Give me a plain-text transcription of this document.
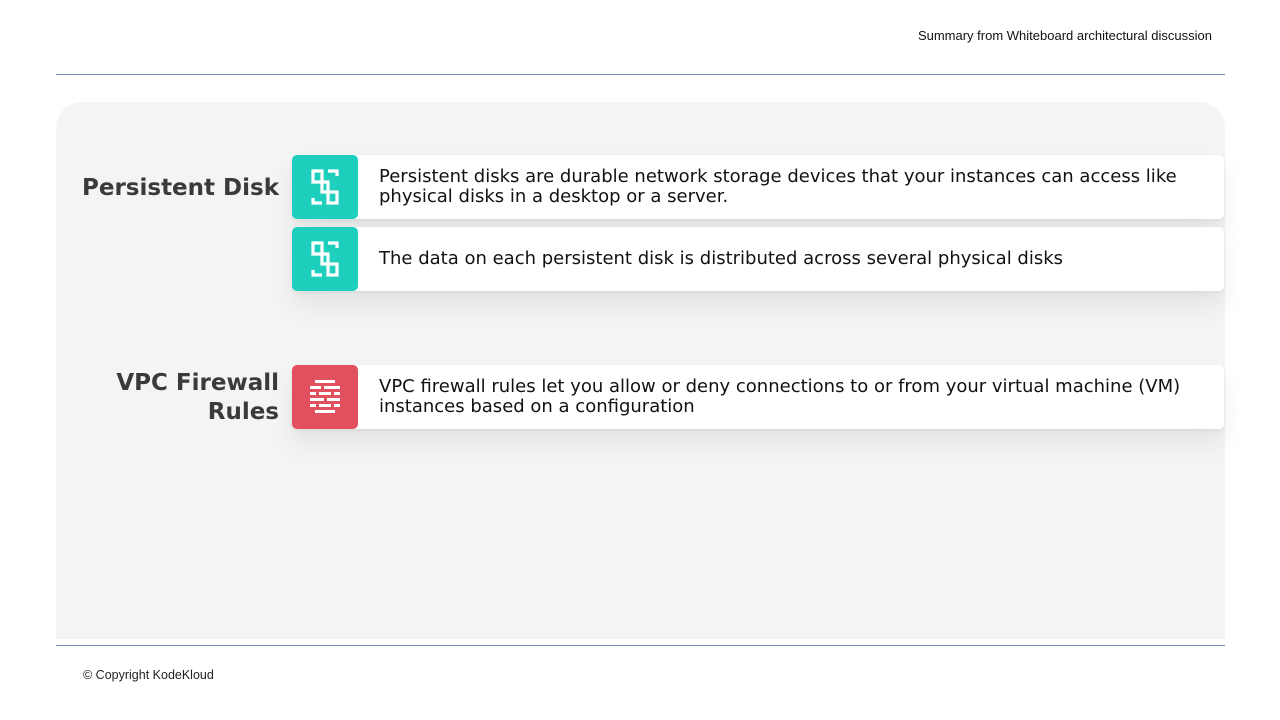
Summary from Whiteboard architectural discussion
Persistent Disk	Persistent disks are durable network storage devices that your instances can access like physical disks in a desktop or a server.
The data on each persistent disk is distributed across several physical disks
VPC Firewall
Rules
VPC firewall rules let you allow or deny connections to or from your virtual machine (VM) instances based on a configuration
© Copyright KodeKloud
